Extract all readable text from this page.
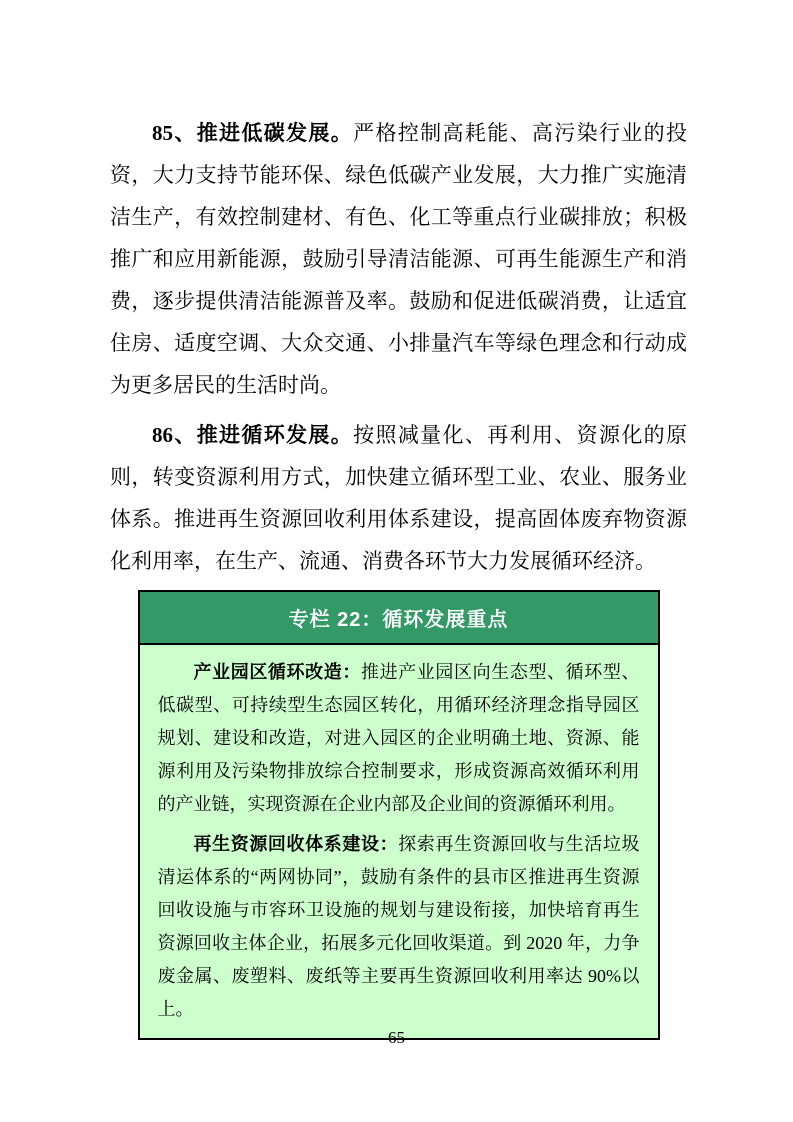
85、推进低碳发展。严格控制高耗能、高污染行业的投资，大力支持节能环保、绿色低碳产业发展，大力推广实施清洁生产，有效控制建材、有色、化工等重点行业碳排放；积极推广和应用新能源，鼓励引导清洁能源、可再生能源生产和消费，逐步提供清洁能源普及率。鼓励和促进低碳消费，让适宜住房、适度空调、大众交通、小排量汽车等绿色理念和行动成为更多居民的生活时尚。

86、推进循环发展。按照减量化、再利用、资源化的原则，转变资源利用方式，加快建立循环型工业、农业、服务业体系。推进再生资源回收利用体系建设，提高固体废弃物资源化利用率，在生产、流通、消费各环节大力发展循环经济。

专栏 22：循环发展重点

产业园区循环改造：推进产业园区向生态型、循环型、低碳型、可持续型生态园区转化，用循环经济理念指导园区规划、建设和改造，对进入园区的企业明确土地、资源、能源利用及污染物排放综合控制要求，形成资源高效循环利用的产业链，实现资源在企业内部及企业间的资源循环利用。

再生资源回收体系建设：探索再生资源回收与生活垃圾清运体系的“两网协同”，鼓励有条件的县市区推进再生资源回收设施与市容环卫设施的规划与建设衔接，加快培育再生资源回收主体企业，拓展多元化回收渠道。到 2020 年，力争废金属、废塑料、废纸等主要再生资源回收利用率达 90%以上。

65
